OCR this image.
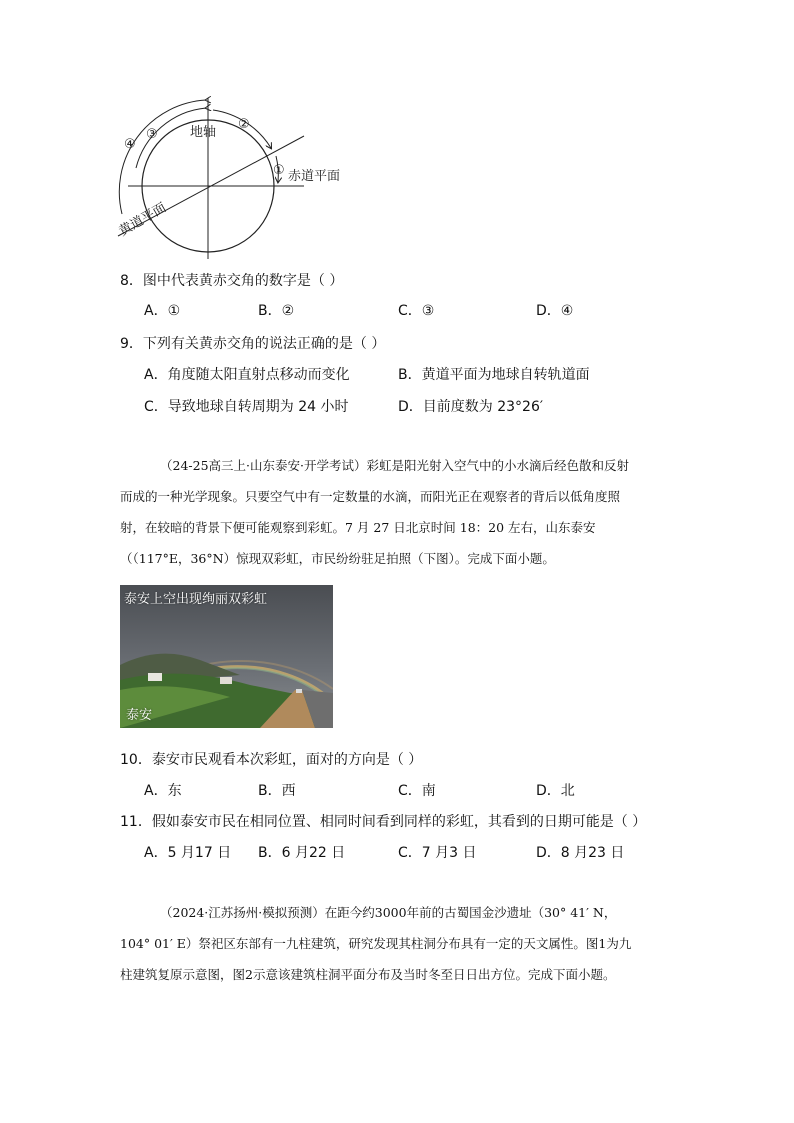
地轴
赤道平面
黄道平面
①
②
③
④
8．图中代表黄赤交角的数字是（ ）
A．①	B．②	C．③	D．④
9．下列有关黄赤交角的说法正确的是（ ）
A．角度随太阳直射点移动而变化	B．黄道平面为地球自转轨道面
C．导致地球自转周期为 24 小时	D．目前度数为 23°26′
（24-25高三上·山东泰安·开学考试）彩虹是阳光射入空气中的小水滴后经色散和反射而成的一种光学现象。只要空气中有一定数量的水滴，而阳光正在观察者的背后以低角度照射，在较暗的背景下便可能观察到彩虹。7 月 27 日北京时间 18：20 左右，山东泰安（（117°E，36°N）惊现双彩虹，市民纷纷驻足拍照（下图）。完成下面小题。
泰安上空出现绚丽双彩虹
泰安
10．泰安市民观看本次彩虹，面对的方向是（ ）
A．东	B．西	C．南	D．北
11．假如泰安市民在相同位置、相同时间看到同样的彩虹，其看到的日期可能是（ ）
A．5 月17 日 B．6 月22 日	C．7 月3 日	D．8 月23 日
（2024·江苏扬州·模拟预测）在距今约3000年前的古蜀国金沙遗址（30° 41′ N，104° 01′ E）祭祀区东部有一九柱建筑，研究发现其柱洞分布具有一定的天文属性。图1为九柱建筑复原示意图，图2示意该建筑柱洞平面分布及当时冬至日日出方位。完成下面小题。
